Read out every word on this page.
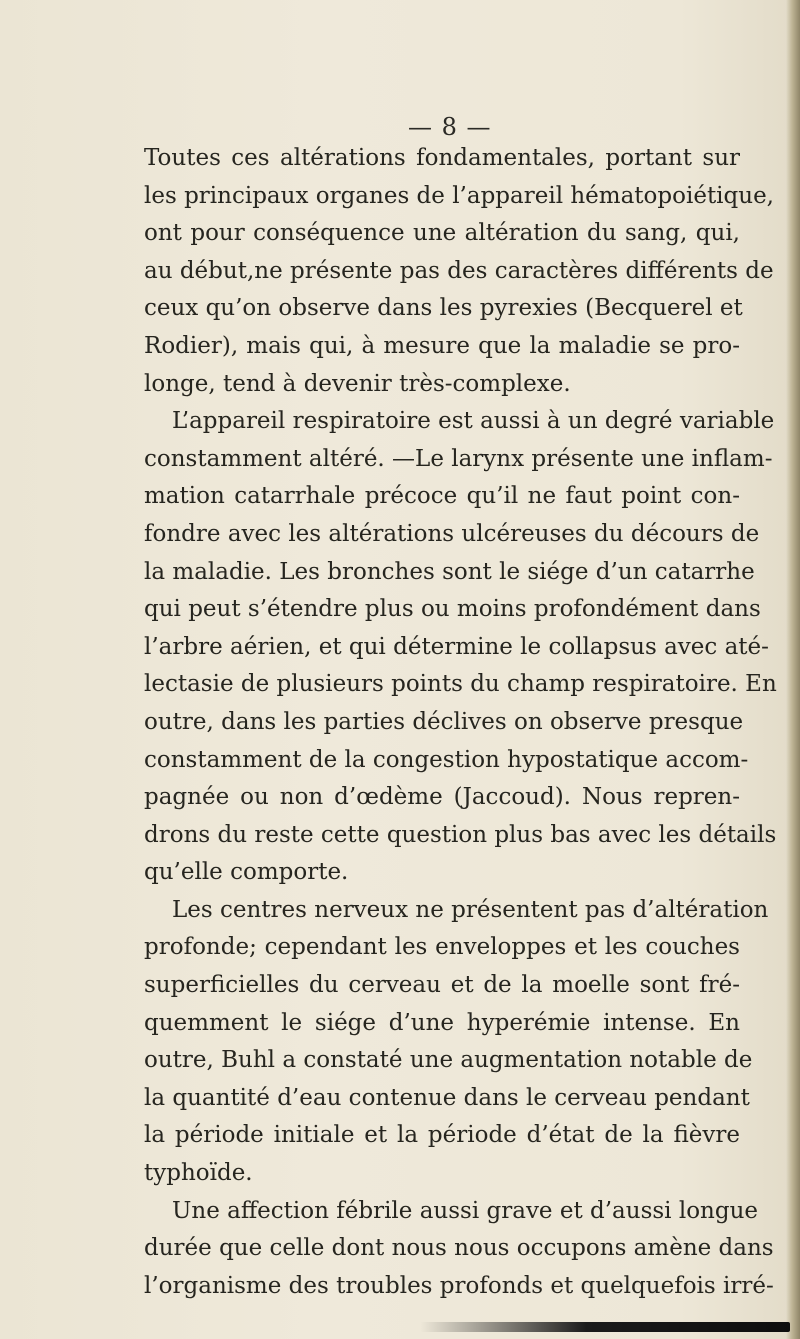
— 8 —
Toutes ces altérations fondamentales, portant sur
les principaux organes de l’appareil hématopoiétique,
ont pour conséquence une altération du sang, qui,
au début,ne présente pas des caractères différents de
ceux qu’on observe dans les pyrexies (Becquerel et
Rodier), mais qui, à mesure que la maladie se pro-
longe, tend à devenir très-complexe.
L’appareil respiratoire est aussi à un degré variable
constamment altéré. —Le larynx présente une inflam-
mation catarrhale précoce qu’il ne faut point con-
fondre avec les altérations ulcéreuses du décours de
la maladie. Les bronches sont le siége d’un catarrhe
qui peut s’étendre plus ou moins profondément dans
l’arbre aérien, et qui détermine le collapsus avec até-
lectasie de plusieurs points du champ respiratoire. En
outre, dans les parties déclives on observe presque
constamment de la congestion hypostatique accom-
pagnée ou non d’œdème (Jaccoud). Nous repren-
drons du reste cette question plus bas avec les détails
qu’elle comporte.
Les centres nerveux ne présentent pas d’altération
profonde; cependant les enveloppes et les couches
superficielles du cerveau et de la moelle sont fré-
quemment le siége d’une hyperémie intense. En
outre, Buhl a constaté une augmentation notable de
la quantité d’eau contenue dans le cerveau pendant
la période initiale et la période d’état de la fièvre
typhoïde.
Une affection fébrile aussi grave et d’aussi longue
durée que celle dont nous nous occupons amène dans
l’organisme des troubles profonds et quelquefois irré-
